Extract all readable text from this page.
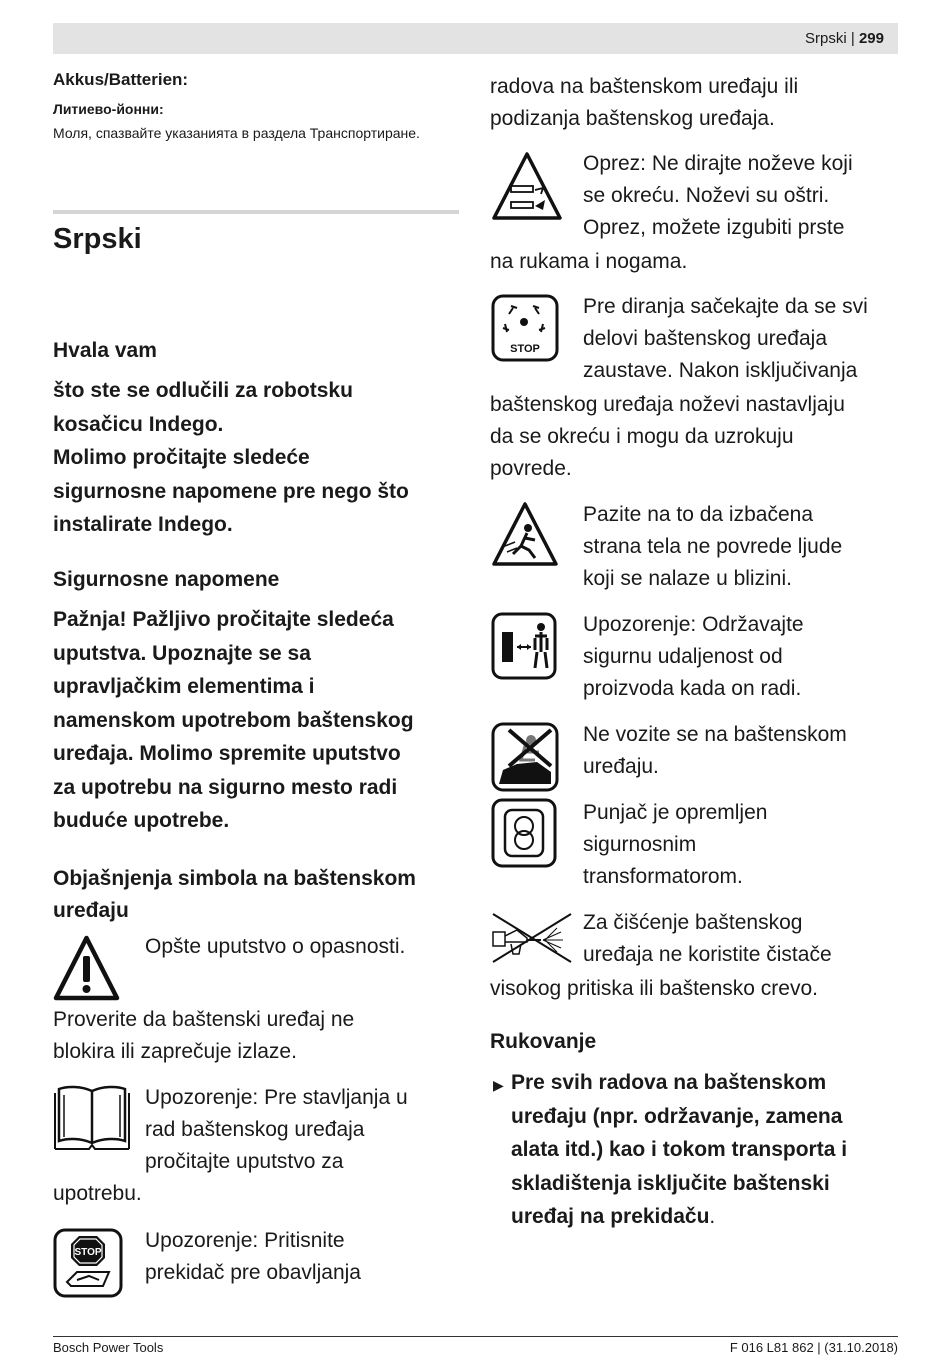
Srpski | 299
Akkus/Batterien:
Литиево-йонни:
Моля, спазвайте указанията в раздела Транспортиране.
Srpski
Hvala vam
što ste se odlučili za robotsku
kosačicu Indego.
Molimo pročitajte sledeće
sigurnosne napomene pre nego što
instalirate Indego.
Sigurnosne napomene
Pažnja! Pažljivo pročitajte sledeća
uputstva. Upoznajte se sa
upravljačkim elementima i
namenskom upotrebom baštenskog
uređaja. Molimo spremite uputstvo
za upotrebu na sigurno mesto radi
buduće upotrebe.
Objašnjenja simbola na baštenskom
uređaju
Opšte uputstvo o opasnosti.
Proverite da baštenski uređaj ne
blokira ili zaprečuje izlaze.
Upozorenje: Pre stavljanja u
rad baštenskog uređaja
pročitajte uputstvo za
upotrebu.
STOP
Upozorenje: Pritisnite
prekidač pre obavljanja
radova na baštenskom uređaju ili
podizanja baštenskog uređaja.
Oprez: Ne dirajte noževe koji
se okreću. Noževi su oštri.
Oprez, možete izgubiti prste
na rukama i nogama.
STOP
Pre diranja sačekajte da se svi
delovi baštenskog uređaja
zaustave. Nakon isključivanja
baštenskog uređaja noževi nastavljaju
da se okreću i mogu da uzrokuju
povrede.
Pazite na to da izbačena
strana tela ne povrede ljude
koji se nalaze u blizini.
Upozorenje: Održavajte
sigurnu udaljenost od
proizvoda kada on radi.
Ne vozite se na baštenskom
uređaju.
Punjač je opremljen
sigurnosnim
transformatorom.
Za čišćenje baštenskog
uređaja ne koristite čistače
visokog pritiska ili baštensko crevo.
Rukovanje
▶ Pre svih radova na baštenskom
uređaju (npr. održavanje, zamena
alata itd.) kao i tokom transporta i
skladištenja isključite baštenski
uređaj na prekidaču.
Bosch Power Tools	F 016 L81 862 | (31.10.2018)
